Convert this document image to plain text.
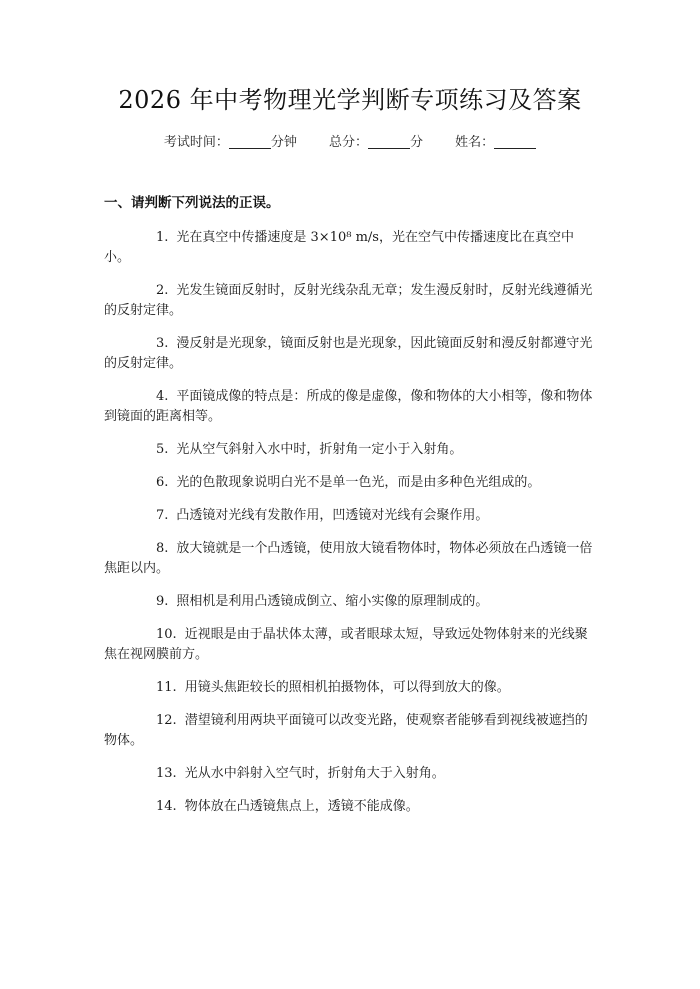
2026 年中考物理光学判断专项练习及答案
考试时间：	分钟 总分：	分 姓名：
一、请判断下列说法的正误。

1. 光在真空中传播速度是 3×10⁸ m/s，光在空气中传播速度比在真空中小。

2. 光发生镜面反射时，反射光线杂乱无章；发生漫反射时，反射光线遵循光的反射定律。

3. 漫反射是光现象，镜面反射也是光现象，因此镜面反射和漫反射都遵守光的反射定律。

4. 平面镜成像的特点是：所成的像是虚像，像和物体的大小相等，像和物体到镜面的距离相等。

5. 光从空气斜射入水中时，折射角一定小于入射角。

6. 光的色散现象说明白光不是单一色光，而是由多种色光组成的。

7. 凸透镜对光线有发散作用，凹透镜对光线有会聚作用。

8. 放大镜就是一个凸透镜，使用放大镜看物体时，物体必须放在凸透镜一倍焦距以内。

9. 照相机是利用凸透镜成倒立、缩小实像的原理制成的。

10. 近视眼是由于晶状体太薄，或者眼球太短，导致远处物体射来的光线聚焦在视网膜前方。

11. 用镜头焦距较长的照相机拍摄物体，可以得到放大的像。

12. 潜望镜利用两块平面镜可以改变光路，使观察者能够看到视线被遮挡的物体。

13. 光从水中斜射入空气时，折射角大于入射角。

14. 物体放在凸透镜焦点上，透镜不能成像。
